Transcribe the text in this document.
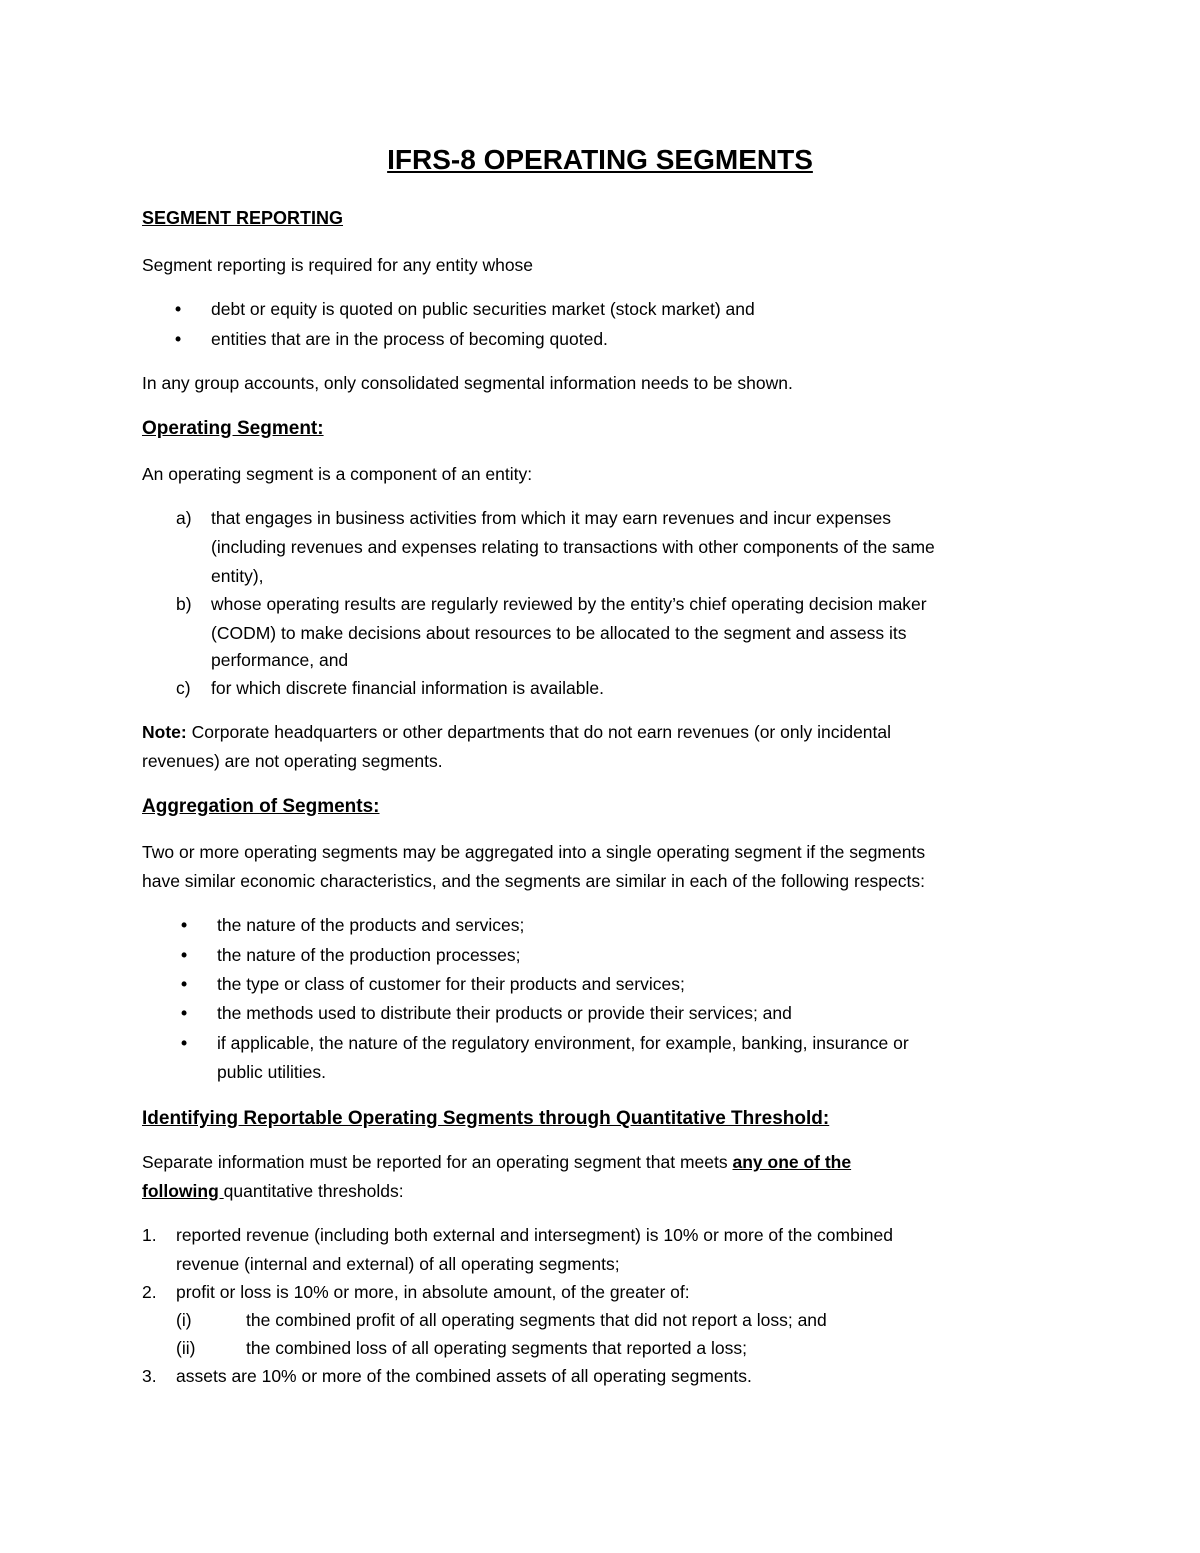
IFRS-8 OPERATING SEGMENTS
SEGMENT REPORTING
Segment reporting is required for any entity whose
• debt or equity is quoted on public securities market (stock market) and
• entities that are in the process of becoming quoted.
In any group accounts, only consolidated segmental information needs to be shown.
Operating Segment:
An operating segment is a component of an entity:
a) that engages in business activities from which it may earn revenues and incur expenses
(including revenues and expenses relating to transactions with other components of the same
entity),
b) whose operating results are regularly reviewed by the entity’s chief operating decision maker
(CODM) to make decisions about resources to be allocated to the segment and assess its
performance, and
c) for which discrete financial information is available.
Note: Corporate headquarters or other departments that do not earn revenues (or only incidental
revenues) are not operating segments.
Aggregation of Segments:
Two or more operating segments may be aggregated into a single operating segment if the segments
have similar economic characteristics, and the segments are similar in each of the following respects:
• the nature of the products and services;
• the nature of the production processes;
• the type or class of customer for their products and services;
• the methods used to distribute their products or provide their services; and
• if applicable, the nature of the regulatory environment, for example, banking, insurance or
public utilities.
Identifying Reportable Operating Segments through Quantitative Threshold:
Separate information must be reported for an operating segment that meets any one of the
following quantitative thresholds:
1. reported revenue (including both external and intersegment) is 10% or more of the combined
revenue (internal and external) of all operating segments;
2. profit or loss is 10% or more, in absolute amount, of the greater of:
(i)	the combined profit of all operating segments that did not report a loss; and
(ii)	the combined loss of all operating segments that reported a loss;
3. assets are 10% or more of the combined assets of all operating segments.
